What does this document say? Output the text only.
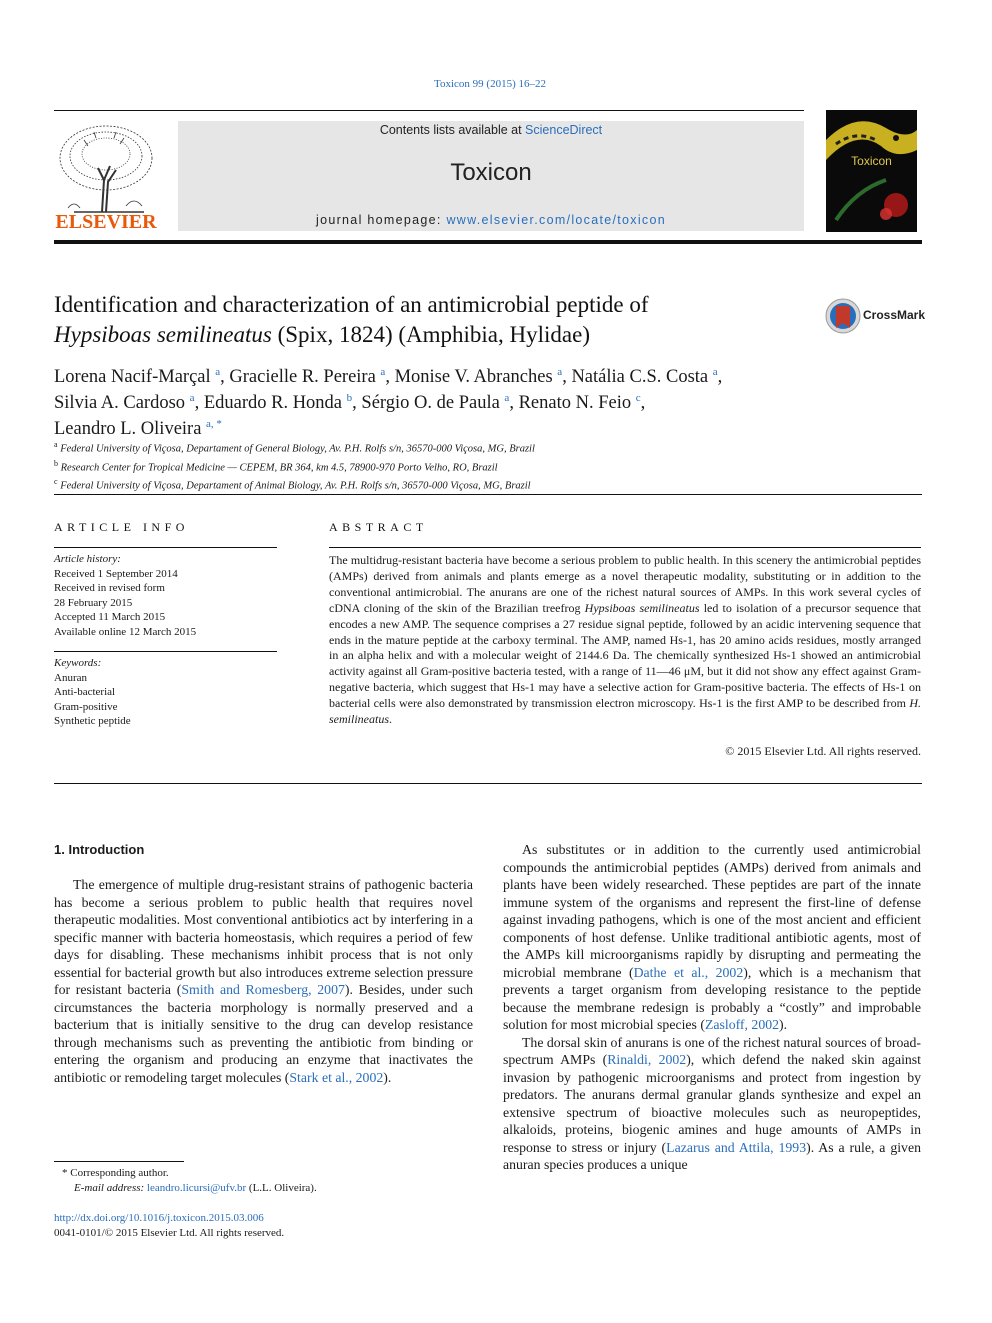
Toxicon 99 (2015) 16–22
ELSEVIER
Contents lists available at ScienceDirect
Toxicon
journal homepage: www.elsevier.com/locate/toxicon
Toxicon
Identification and characterization of an antimicrobial peptide of
Hypsiboas semilineatus (Spix, 1824) (Amphibia, Hylidae)
CrossMark
Lorena Nacif-Marçal $^a$, Gracielle R. Pereira $^a$, Monise V. Abranches $^a$, Natália C.S. Costa $^a$,
Silvia A. Cardoso $^a$, Eduardo R. Honda $^b$, Sérgio O. de Paula $^a$, Renato N. Feio $^c$,
Leandro L. Oliveira $^{a, *}$
$^a$ Federal University of Viçosa, Departament of General Biology, Av. P.H. Rolfs s/n, 36570-000 Viçosa, MG, Brazil
$^b$ Research Center for Tropical Medicine — CEPEM, BR 364, km 4.5, 78900-970 Porto Velho, RO, Brazil
$^c$ Federal University of Viçosa, Departament of Animal Biology, Av. P.H. Rolfs s/n, 36570-000 Viçosa, MG, Brazil
ARTICLE INFO
Article history:
Received 1 September 2014
Received in revised form
28 February 2015
Accepted 11 March 2015
Available online 12 March 2015
Keywords:
Anuran
Anti-bacterial
Gram-positive
Synthetic peptide
ABSTRACT
The multidrug-resistant bacteria have become a serious problem to public health. In this scenery the antimicrobial peptides (AMPs) derived from animals and plants emerge as a novel therapeutic modality, substituting or in addition to the conventional antimicrobial. The anurans are one of the richest natural sources of AMPs. In this work several cycles of cDNA cloning of the skin of the Brazilian treefrog Hypsiboas semilineatus led to isolation of a precursor sequence that encodes a new AMP. The sequence comprises a 27 residue signal peptide, followed by an acidic intervening sequence that ends in the mature peptide at the carboxy terminal. The AMP, named Hs-1, has 20 amino acids residues, mostly arranged in an alpha helix and with a molecular weight of 2144.6 Da. The chemically synthesized Hs-1 showed an antimicrobial activity against all Gram-positive bacteria tested, with a range of 11—46 μM, but it did not show any effect against Gram-negative bacteria, which suggest that Hs-1 may have a selective action for Gram-positive bacteria. The effects of Hs-1 on bacterial cells were also demonstrated by transmission electron microscopy. Hs-1 is the first AMP to be described from H. semilineatus.
© 2015 Elsevier Ltd. All rights reserved.
1. Introduction

The emergence of multiple drug-resistant strains of pathogenic bacteria has become a serious problem to public health that requires novel therapeutic modalities. Most conventional antibiotics act by interfering in a specific manner with bacteria homeostasis, which requires a period of few days for disabling. These mechanisms inhibit process that is not only essential for bacterial growth but also introduces extreme selection pressure for resistant bacteria (Smith and Romesberg, 2007). Besides, under such circumstances the bacteria morphology is normally preserved and a bacterium that is initially sensitive to the drug can develop resistance through mechanisms such as preventing the antibiotic from binding or entering the organism and producing an enzyme that inactivates the antibiotic or remodeling target molecules (Stark et al., 2002).

As substitutes or in addition to the currently used antimicrobial compounds the antimicrobial peptides (AMPs) derived from animals and plants have been widely researched. These peptides are part of the innate immune system of the organisms and represent the first-line of defense against invading pathogens, which is one of the most ancient and efficient components of host defense. Unlike traditional antibiotic agents, most of the AMPs kill microorganisms rapidly by disrupting and permeating the microbial membrane (Dathe et al., 2002), which is a mechanism that prevents a target organism from developing resistance to the peptide because the membrane redesign is probably a “costly” and improbable solution for most microbial species (Zasloff, 2002).

The dorsal skin of anurans is one of the richest natural sources of broad-spectrum AMPs (Rinaldi, 2002), which defend the naked skin against invasion by pathogenic microorganisms and protect from ingestion by predators. The anurans dermal granular glands synthesize and expel an extensive spectrum of bioactive molecules such as neuropeptides, alkaloids, proteins, biogenic amines and huge amounts of AMPs in response to stress or injury (Lazarus and Attila, 1993). As a rule, a given anuran species produces a unique

* Corresponding author.
E-mail address: leandro.licursi@ufv.br (L.L. Oliveira).
http://dx.doi.org/10.1016/j.toxicon.2015.03.006
0041-0101/© 2015 Elsevier Ltd. All rights reserved.
